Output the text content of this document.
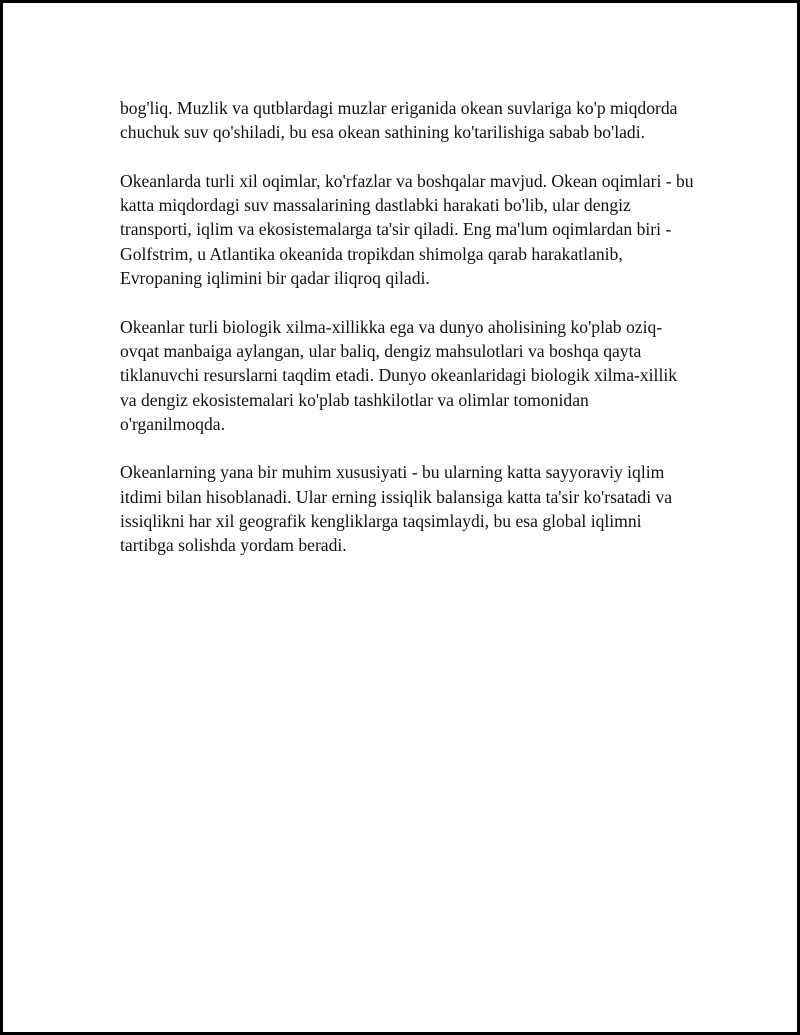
bog'liq. Muzlik va qutblardagi muzlar eriganida okean suvlariga ko'p miqdorda chuchuk suv qo'shiladi, bu esa okean sathining ko'tarilishiga sabab bo'ladi.

Okeanlarda turli xil oqimlar, ko'rfazlar va boshqalar mavjud. Okean oqimlari - bu katta miqdordagi suv massalarining dastlabki harakati bo'lib, ular dengiz transporti, iqlim va ekosistemalarga ta'sir qiladi. Eng ma'lum oqimlardan biri - Golfstrim, u Atlantika okeanida tropikdan shimolga qarab harakatlanib, Evropaning iqlimini bir qadar iliqroq qiladi.

Okeanlar turli biologik xilma-xillikka ega va dunyo aholisining ko'plab oziq-ovqat manbaiga aylangan, ular baliq, dengiz mahsulotlari va boshqa qayta tiklanuvchi resurslarni taqdim etadi. Dunyo okeanlaridagi biologik xilma-xillik va dengiz ekosistemalari ko'plab tashkilotlar va olimlar tomonidan o'rganilmoqda.

Okeanlarning yana bir muhim xususiyati - bu ularning katta sayyoraviy iqlim itdimi bilan hisoblanadi. Ular erning issiqlik balansiga katta ta'sir ko'rsatadi va issiqlikni har xil geografik kengliklarga taqsimlaydi, bu esa global iqlimni tartibga solishda yordam beradi.
